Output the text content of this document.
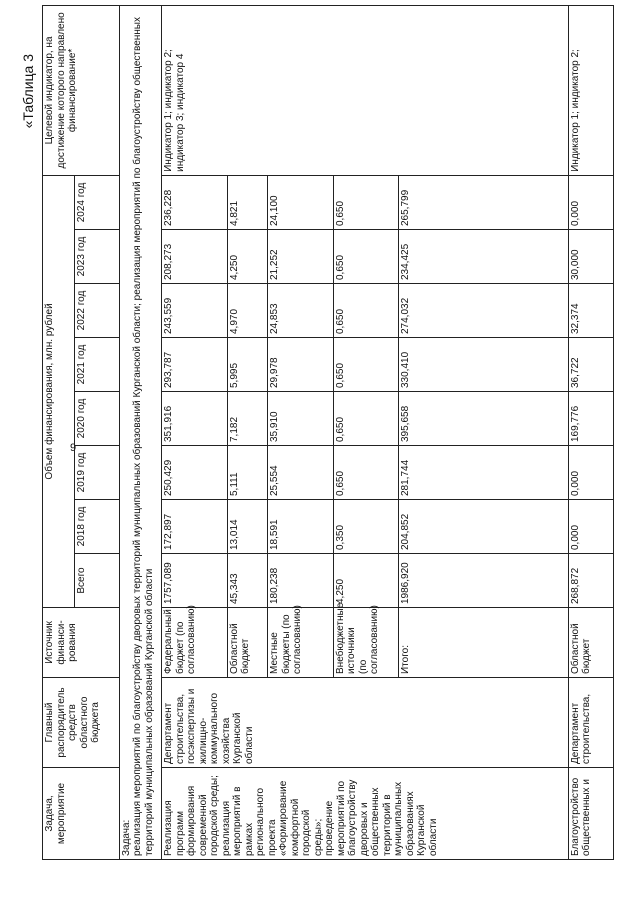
9
«Таблица 3
Задача, мероприятие	Главный распорядитель средств областного бюджета	Источник финанси-рования	Объем финансирования, млн. рублей								Целевой индикатор, на достижение которого направлено финансирование*
			Всего	2018 год	2019 год	2020 год	2021 год	2022 год	2023 год	2024 год	
Задача:
реализация мероприятий по благоустройству дворовых территорий муниципальных образований Курганской области; реализация мероприятий по благоустройству общественных территорий муниципальных образований Курганской области											
Реализация программ формирования современной городской среды; реализация мероприятий в рамках регионального проекта «Формирование комфортной городской среды»; проведение мероприятий по благоустройству дворовых и общественных территорий в муниципальных образованиях Курганской области	Департамент строительства, госэкспертизы и жилищно-коммунального хозяйства Курганской области	Федеральный бюджет (по согласованию)	1757,089	172,897	250,429	351,916	293,787	243,559	208,273	236,228	Индикатор 1; индикатор 2; индикатор 3; индикатор 4
		Областной бюджет	45,343	13,014	5,111	7,182	5,995	4,970	4,250	4,821	
		Местные бюджеты (по согласованию)	180,238	18,591	25,554	35,910	29,978	24,853	21,252	24,100	
		Внебюджетные источники (по согласованию)	4,250	0,350	0,650	0,650	0,650	0,650	0,650	0,650	
		Итого:	1986,920	204,852	281,744	395,658	330,410	274,032	234,425	265,799	
Благоустройство общественных и	Департамент строительства,	Областной бюджет	268,872	0,000	0,000	169,776	36,722	32,374	30,000	0,000	Индикатор 1; индикатор 2;
